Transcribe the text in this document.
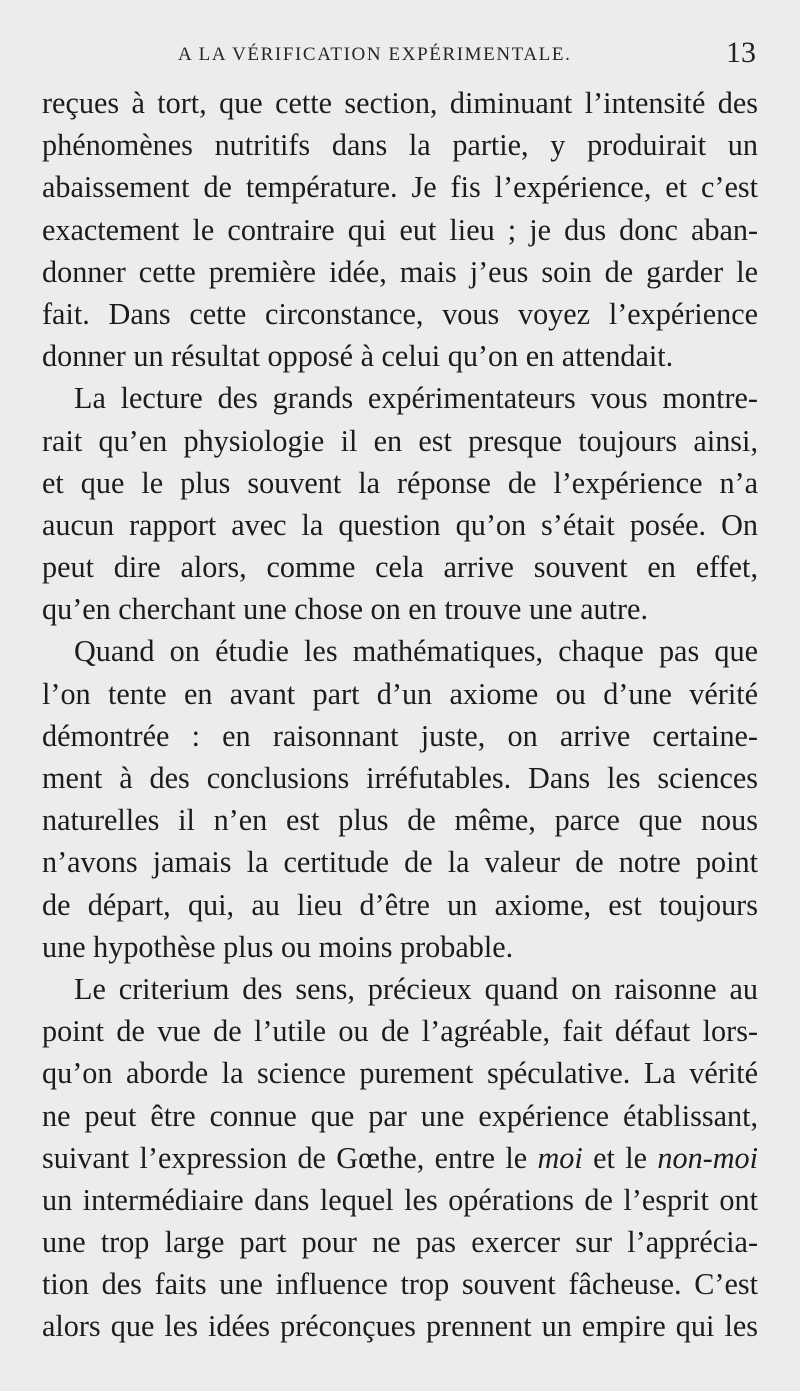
A LA VÉRIFICATION EXPÉRIMENTALE.	13
reçues à tort, que cette section, diminuant l’intensité des
phénomènes nutritifs dans la partie, y produirait un
abaissement de température. Je fis l’expérience, et c’est
exactement le contraire qui eut lieu ; je dus donc aban-
donner cette première idée, mais j’eus soin de garder le
fait. Dans cette circonstance, vous voyez l’expérience
donner un résultat opposé à celui qu’on en attendait.
La lecture des grands expérimentateurs vous montre-
rait qu’en physiologie il en est presque toujours ainsi,
et que le plus souvent la réponse de l’expérience n’a
aucun rapport avec la question qu’on s’était posée. On
peut dire alors, comme cela arrive souvent en effet,
qu’en cherchant une chose on en trouve une autre.
Quand on étudie les mathématiques, chaque pas que
l’on tente en avant part d’un axiome ou d’une vérité
démontrée : en raisonnant juste, on arrive certaine-
ment à des conclusions irréfutables. Dans les sciences
naturelles il n’en est plus de même, parce que nous
n’avons jamais la certitude de la valeur de notre point
de départ, qui, au lieu d’être un axiome, est toujours
une hypothèse plus ou moins probable.
Le criterium des sens, précieux quand on raisonne au
point de vue de l’utile ou de l’agréable, fait défaut lors-
qu’on aborde la science purement spéculative. La vérité
ne peut être connue que par une expérience établissant,
suivant l’expression de Gœthe, entre le moi et le non-moi
un intermédiaire dans lequel les opérations de l’esprit ont
une trop large part pour ne pas exercer sur l’apprécia-
tion des faits une influence trop souvent fâcheuse. C’est
alors que les idées préconçues prennent un empire qui les
